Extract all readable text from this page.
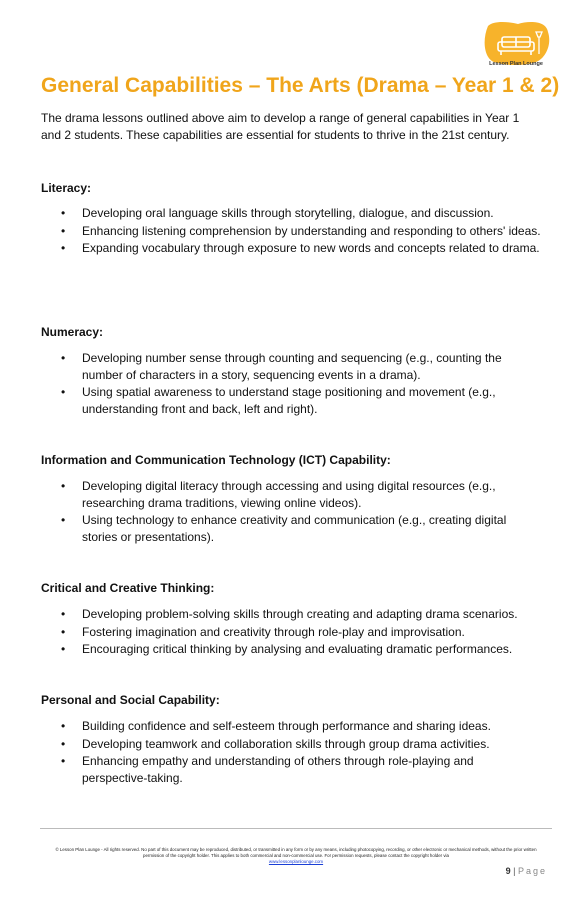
Lesson Plan Lounge
General Capabilities – The Arts (Drama – Year 1 & 2)

The drama lessons outlined above aim to develop a range of general capabilities in Year 1 and 2 students. These capabilities are essential for students to thrive in the 21st century.

Literacy:
• Developing oral language skills through storytelling, dialogue, and discussion.
• Enhancing listening comprehension by understanding and responding to others' ideas.
• Expanding vocabulary through exposure to new words and concepts related to drama.
Numeracy:
• Developing number sense through counting and sequencing (e.g., counting the number of characters in a story, sequencing events in a drama).
• Using spatial awareness to understand stage positioning and movement (e.g., understanding front and back, left and right).
Information and Communication Technology (ICT) Capability:
• Developing digital literacy through accessing and using digital resources (e.g., researching drama traditions, viewing online videos).
• Using technology to enhance creativity and communication (e.g., creating digital stories or presentations).
Critical and Creative Thinking:
• Developing problem-solving skills through creating and adapting drama scenarios.
• Fostering imagination and creativity through role-play and improvisation.
• Encouraging critical thinking by analysing and evaluating dramatic performances.
Personal and Social Capability:
• Building confidence and self-esteem through performance and sharing ideas.
• Developing teamwork and collaboration skills through group drama activities.
• Enhancing empathy and understanding of others through role-playing and perspective-taking.

© Lesson Plan Lounge - All rights reserved. No part of this document may be reproduced, distributed, or transmitted in any form or by any means, including photocopying, recording, or other electronic or mechanical methods, without the prior written permission of the copyright holder. This applies to both commercial and non-commercial use. For permission requests, please contact the copyright holder via
www.lessonplanlounge.com

9 | Page
